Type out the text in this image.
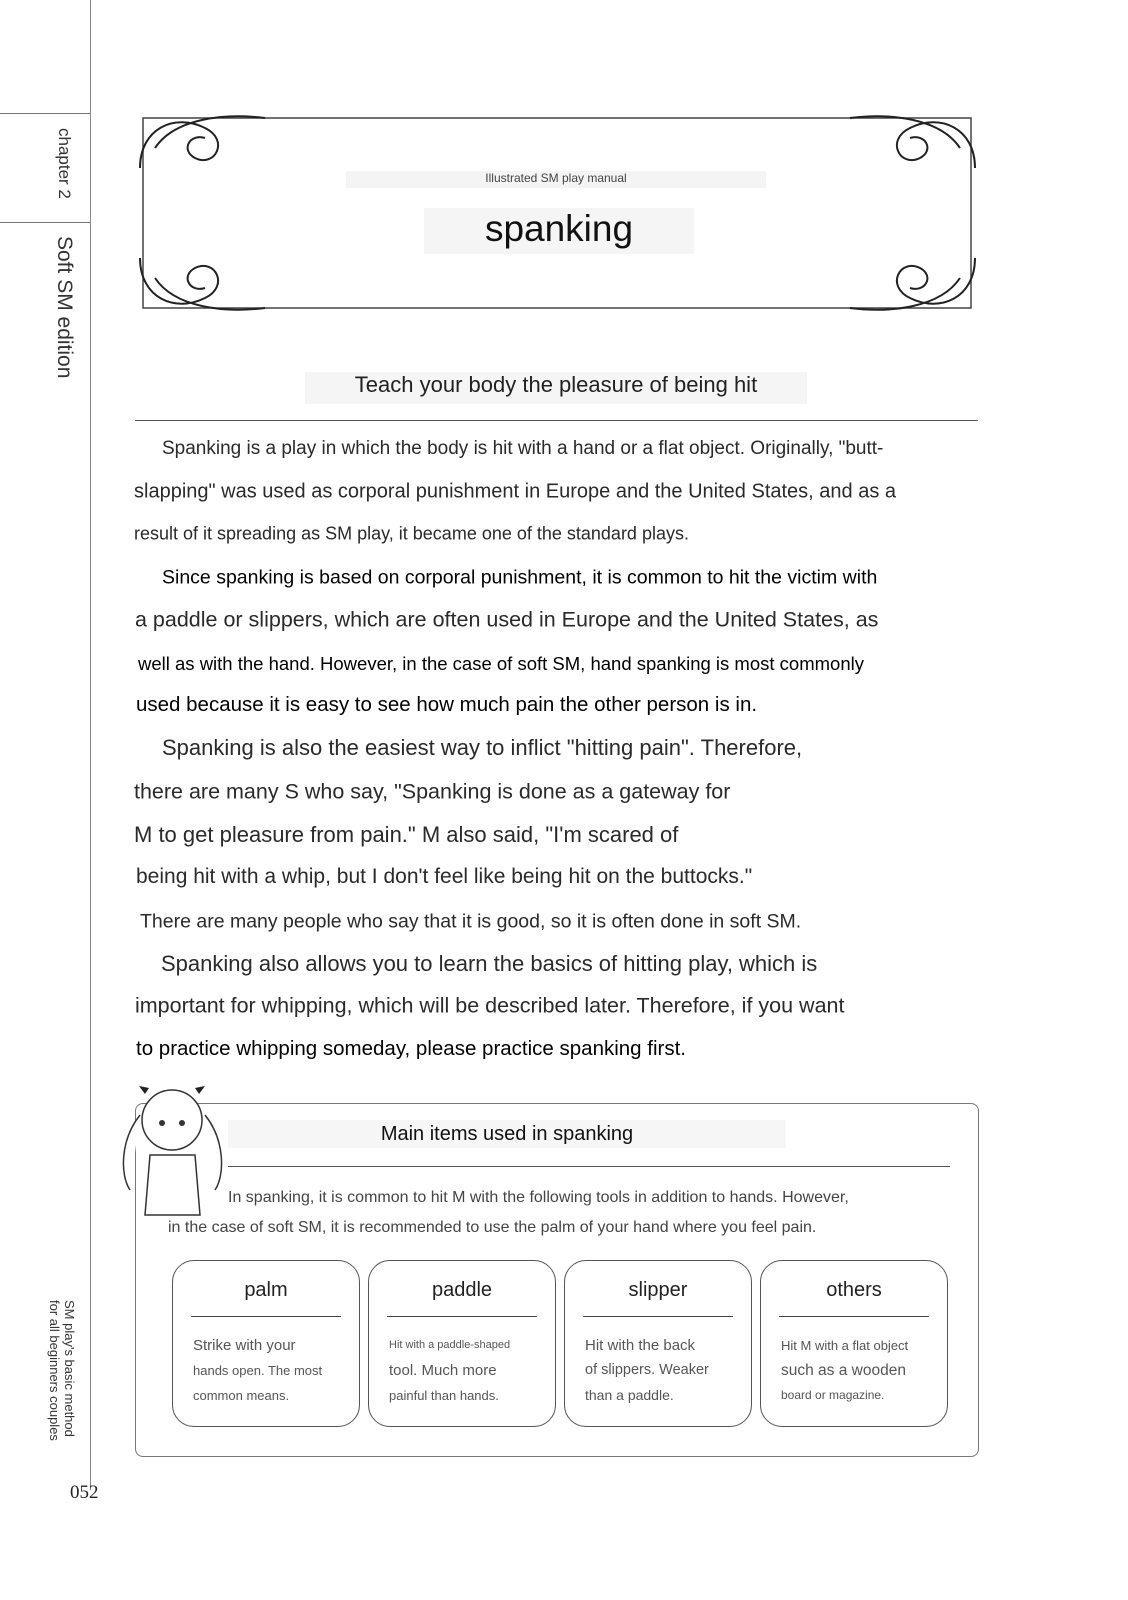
chapter 2
Soft SM edition
SM play's basic method
for all beginners couples
052
Illustrated SM play manual
spanking
Teach your body the pleasure of being hit
Spanking is a play in which the body is hit with a hand or a flat object. Originally, "butt-
slapping" was used as corporal punishment in Europe and the United States, and as a
result of it spreading as SM play, it became one of the standard plays.
Since spanking is based on corporal punishment, it is common to hit the victim with
a paddle or slippers, which are often used in Europe and the United States, as
well as with the hand. However, in the case of soft SM, hand spanking is most commonly
used because it is easy to see how much pain the other person is in.
Spanking is also the easiest way to inflict "hitting pain". Therefore,
there are many S who say, "Spanking is done as a gateway for
M to get pleasure from pain." M also said, "I'm scared of
being hit with a whip, but I don't feel like being hit on the buttocks."
There are many people who say that it is good, so it is often done in soft SM.
Spanking also allows you to learn the basics of hitting play, which is
important for whipping, which will be described later. Therefore, if you want
to practice whipping someday, please practice spanking first.
Main items used in spanking
In spanking, it is common to hit M with the following tools in addition to hands. However,
in the case of soft SM, it is recommended to use the palm of your hand where you feel pain.
palm
Strike with your
hands open. The most
common means.
paddle
Hit with a paddle-shaped
tool. Much more
painful than hands.
slipper
Hit with the back
of slippers. Weaker
than a paddle.
others
Hit M with a flat object
such as a wooden
board or magazine.
